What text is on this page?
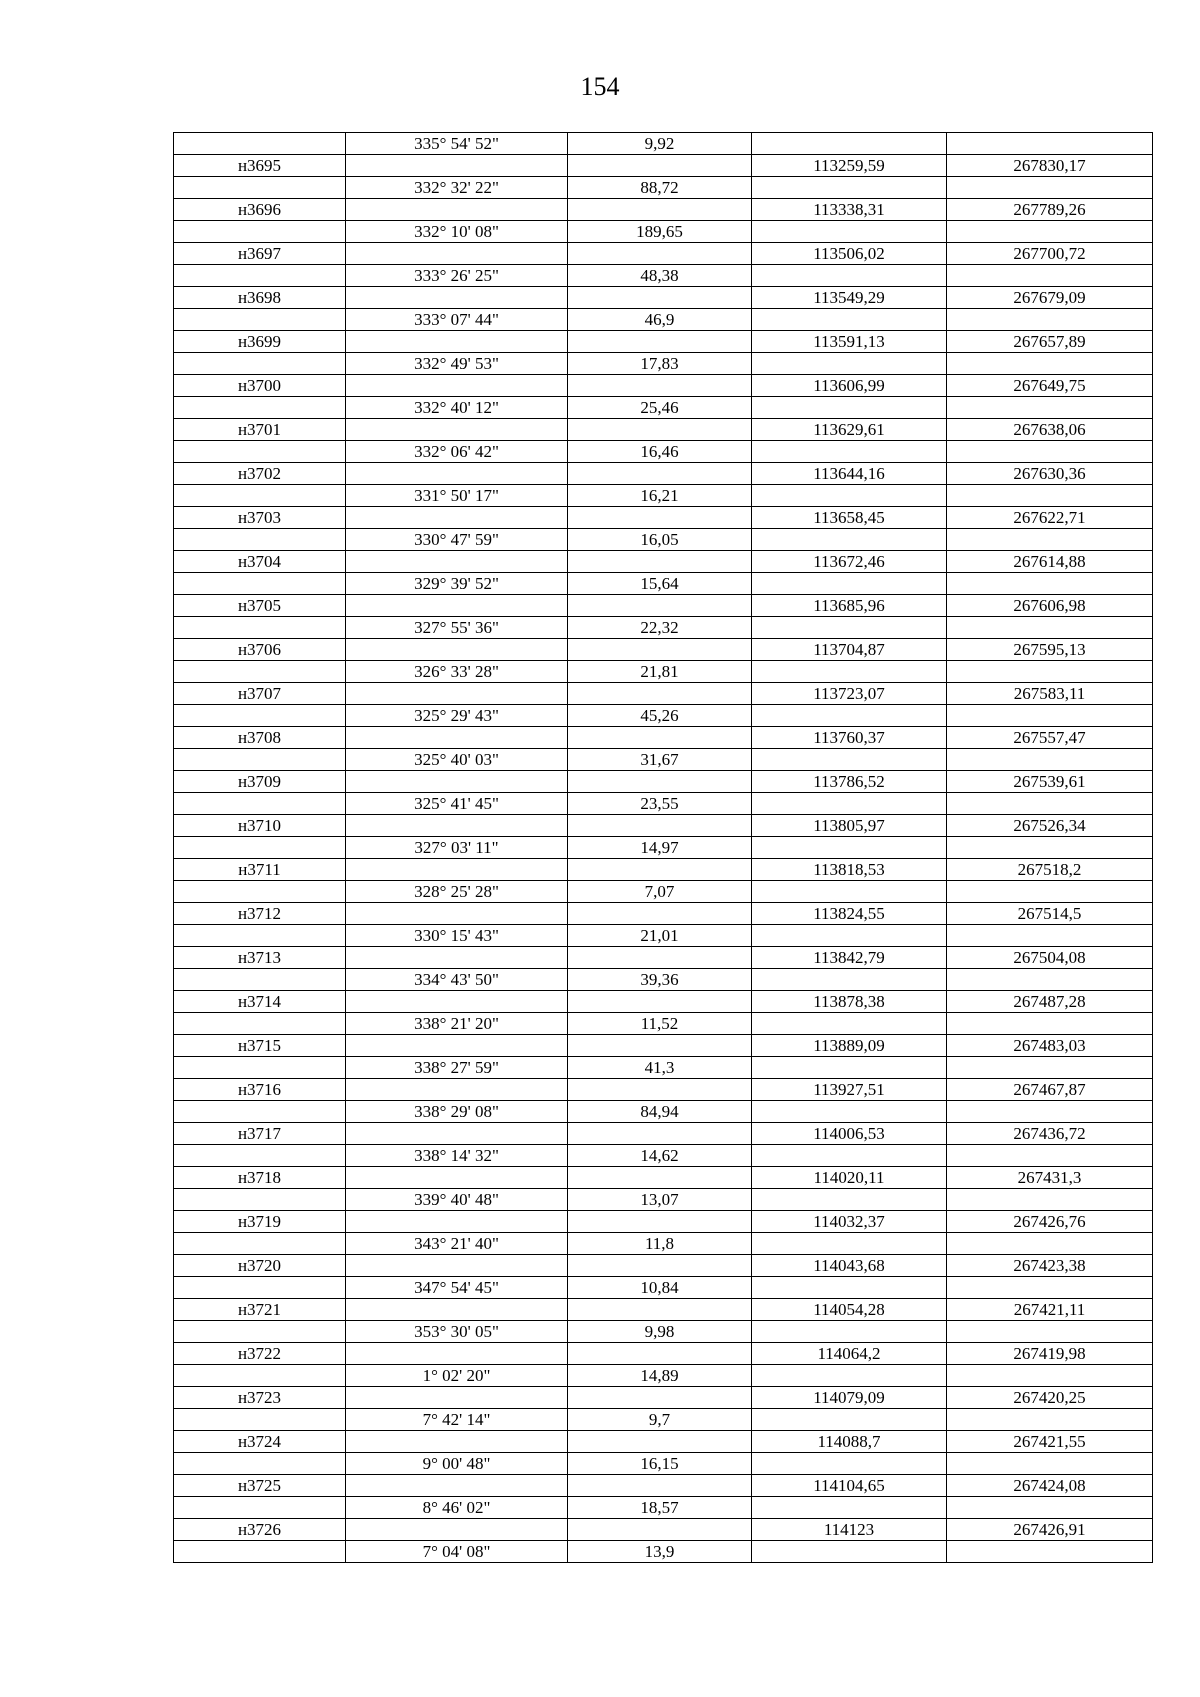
154
	335° 54' 52"	9,92		
н3695			113259,59	267830,17
	332° 32' 22"	88,72		
н3696			113338,31	267789,26
	332° 10' 08"	189,65		
н3697			113506,02	267700,72
	333° 26' 25"	48,38		
н3698			113549,29	267679,09
	333° 07' 44"	46,9		
н3699			113591,13	267657,89
	332° 49' 53"	17,83		
н3700			113606,99	267649,75
	332° 40' 12"	25,46		
н3701			113629,61	267638,06
	332° 06' 42"	16,46		
н3702			113644,16	267630,36
	331° 50' 17"	16,21		
н3703			113658,45	267622,71
	330° 47' 59"	16,05		
н3704			113672,46	267614,88
	329° 39' 52"	15,64		
н3705			113685,96	267606,98
	327° 55' 36"	22,32		
н3706			113704,87	267595,13
	326° 33' 28"	21,81		
н3707			113723,07	267583,11
	325° 29' 43"	45,26		
н3708			113760,37	267557,47
	325° 40' 03"	31,67		
н3709			113786,52	267539,61
	325° 41' 45"	23,55		
н3710			113805,97	267526,34
	327° 03' 11"	14,97		
н3711			113818,53	267518,2
	328° 25' 28"	7,07		
н3712			113824,55	267514,5
	330° 15' 43"	21,01		
н3713			113842,79	267504,08
	334° 43' 50"	39,36		
н3714			113878,38	267487,28
	338° 21' 20"	11,52		
н3715			113889,09	267483,03
	338° 27' 59"	41,3		
н3716			113927,51	267467,87
	338° 29' 08"	84,94		
н3717			114006,53	267436,72
	338° 14' 32"	14,62		
н3718			114020,11	267431,3
	339° 40' 48"	13,07		
н3719			114032,37	267426,76
	343° 21' 40"	11,8		
н3720			114043,68	267423,38
	347° 54' 45"	10,84		
н3721			114054,28	267421,11
	353° 30' 05"	9,98		
н3722			114064,2	267419,98
	1° 02' 20"	14,89		
н3723			114079,09	267420,25
	7° 42' 14"	9,7		
н3724			114088,7	267421,55
	9° 00' 48"	16,15		
н3725			114104,65	267424,08
	8° 46' 02"	18,57		
н3726			114123	267426,91
	7° 04' 08"	13,9		
